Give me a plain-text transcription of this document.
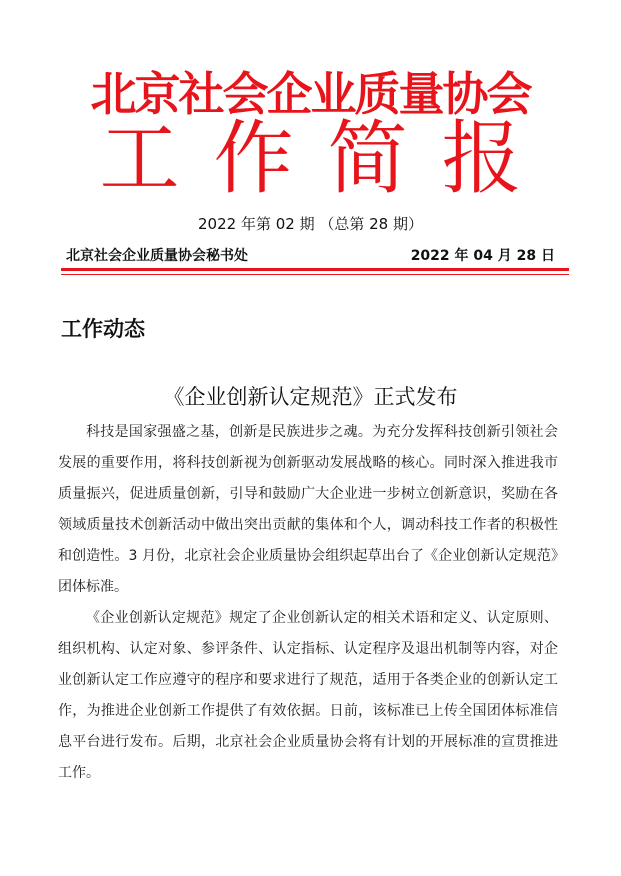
北京社会企业质量协会
工作简报
2022 年第 02 期 （总第 28 期）
北京社会企业质量协会秘书处	2022 年 04 月 28 日
工作动态
《企业创新认定规范》正式发布

科技是国家强盛之基，创新是民族进步之魂。为充分发挥科技创新引领社会发展的重要作用，将科技创新视为创新驱动发展战略的核心。同时深入推进我市质量振兴，促进质量创新，引导和鼓励广大企业进一步树立创新意识，奖励在各领域质量技术创新活动中做出突出贡献的集体和个人，调动科技工作者的积极性和创造性。3 月份，北京社会企业质量协会组织起草出台了《企业创新认定规范》团体标准。

《企业创新认定规范》规定了企业创新认定的相关术语和定义、认定原则、组织机构、认定对象、参评条件、认定指标、认定程序及退出机制等内容，对企业创新认定工作应遵守的程序和要求进行了规范，适用于各类企业的创新认定工作，为推进企业创新工作提供了有效依据。日前，该标准已上传全国团体标准信息平台进行发布。后期，北京社会企业质量协会将有计划的开展标准的宣贯推进工作。
